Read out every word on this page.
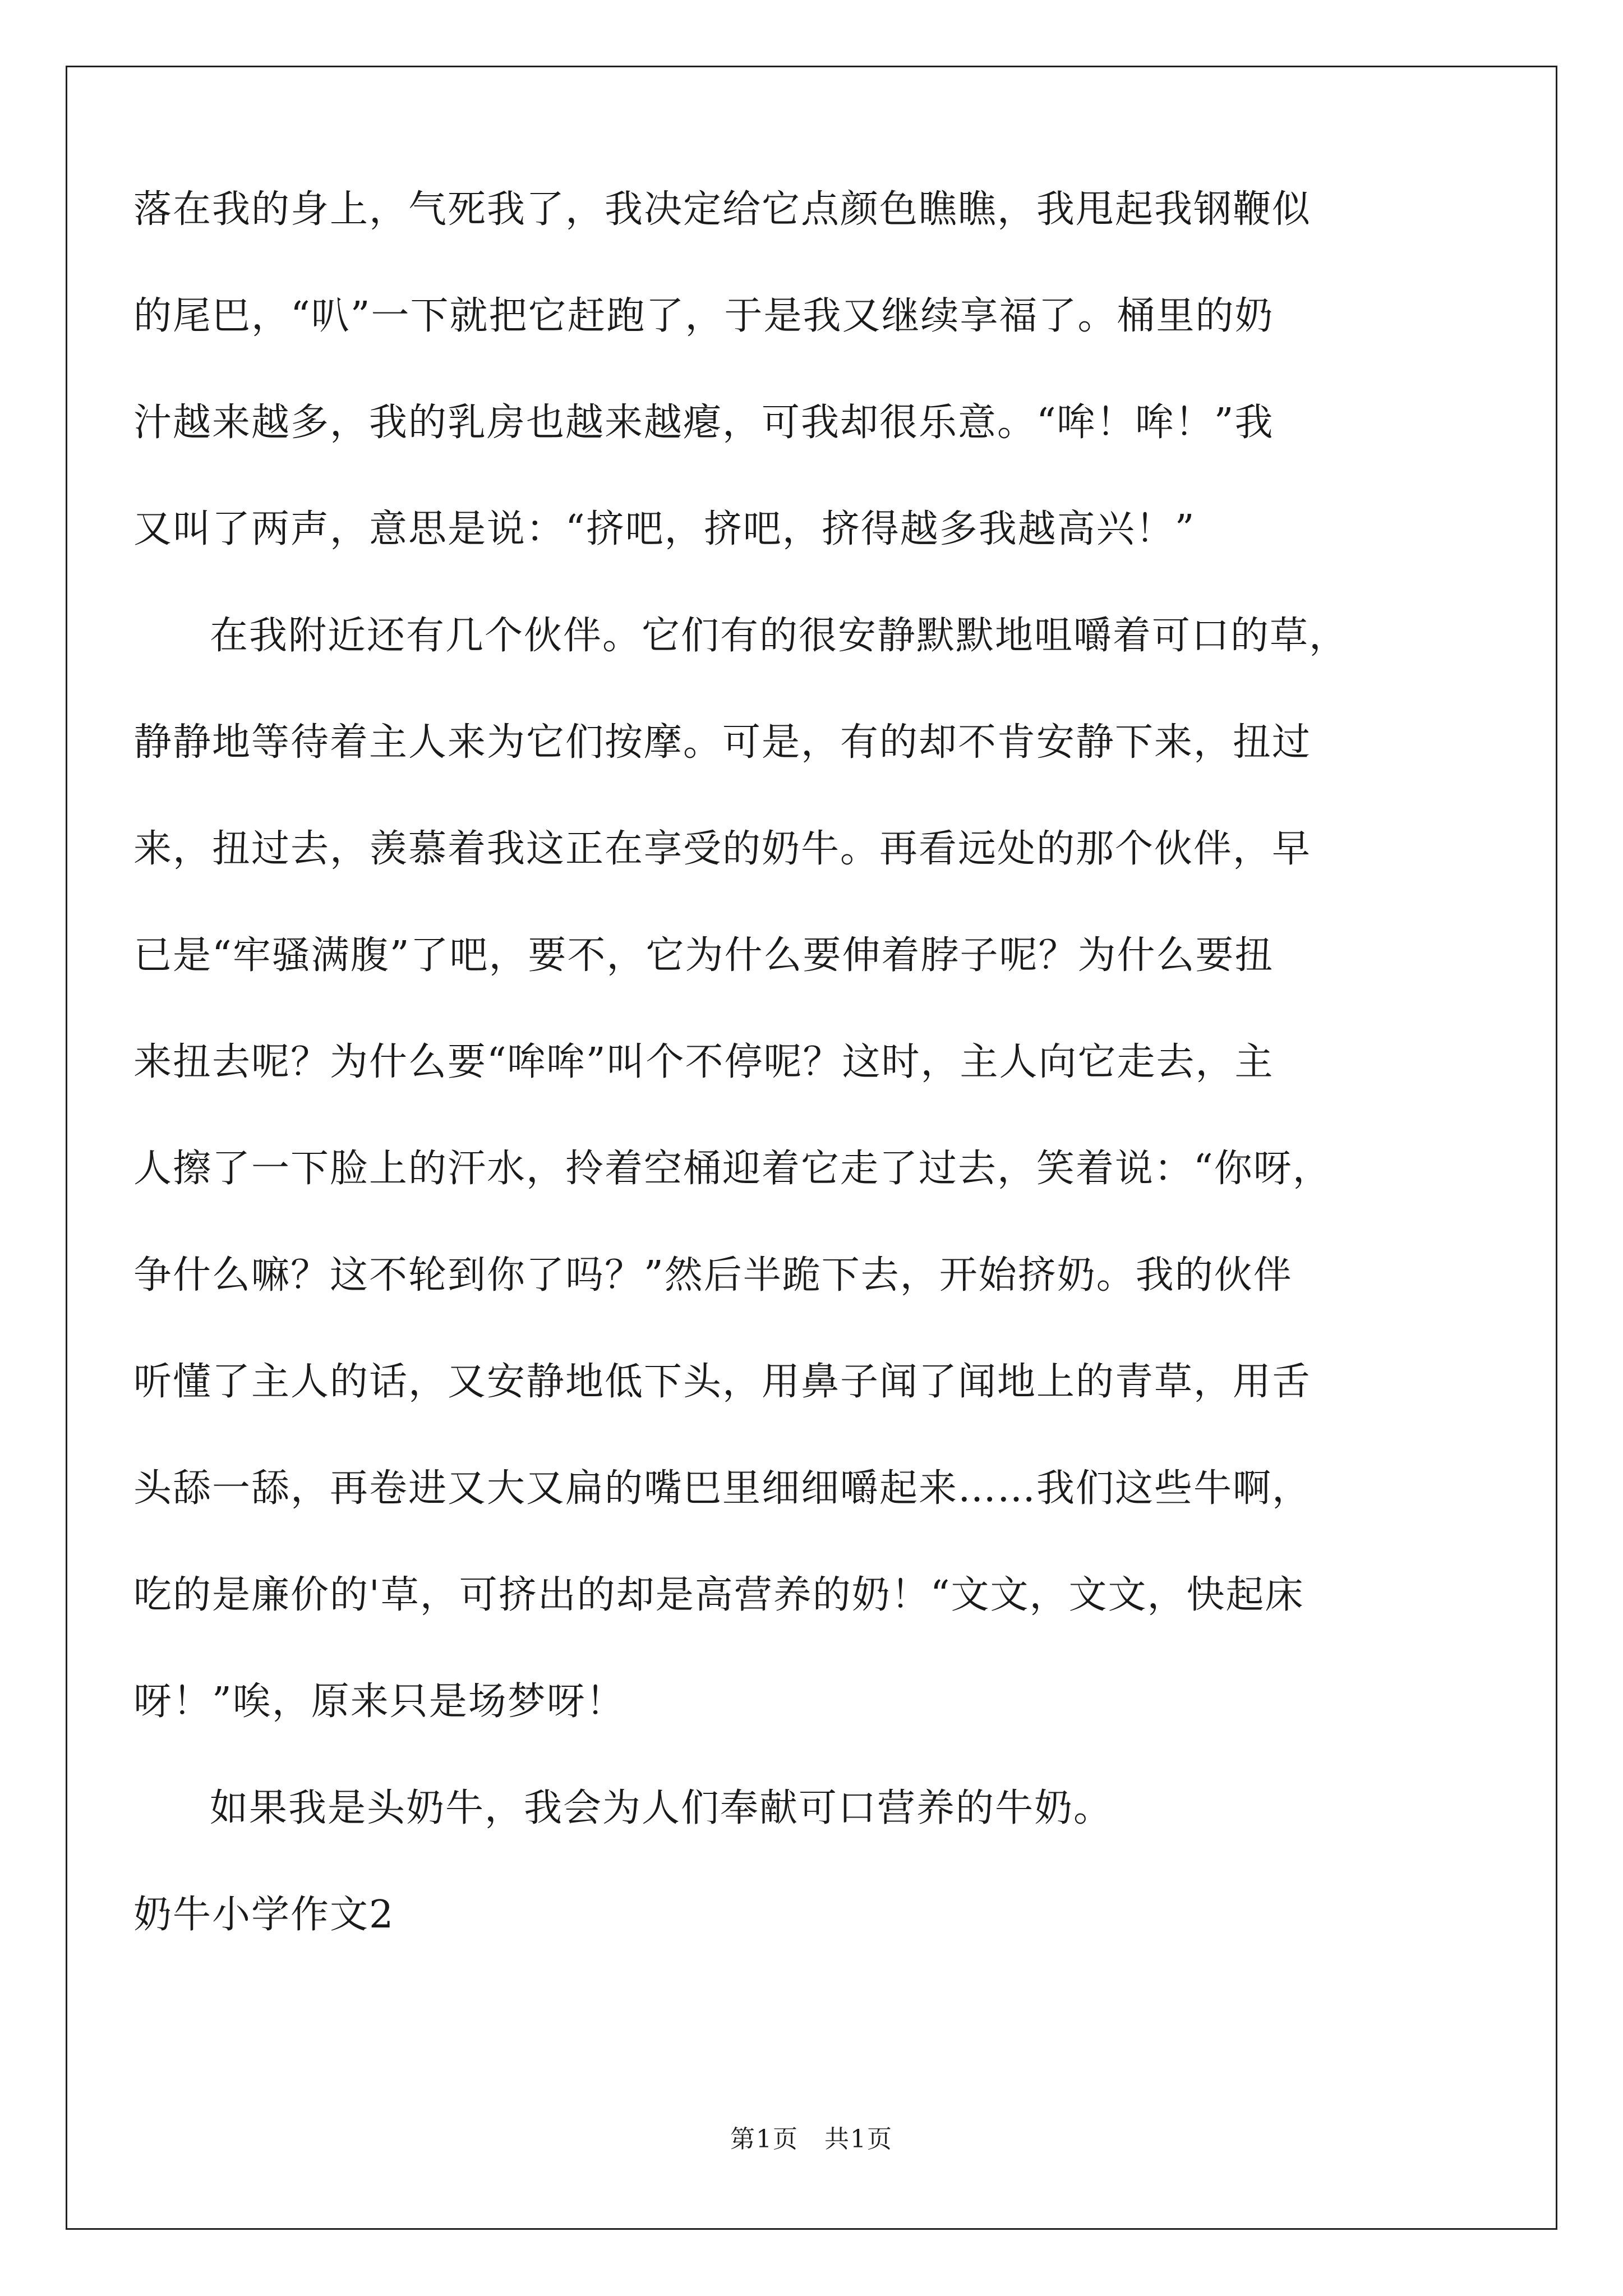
落在我的身上，气死我了，我决定给它点颜色瞧瞧，我甩起我钢鞭似
的尾巴，“叭”一下就把它赶跑了，于是我又继续享福了。桶里的奶
汁越来越多，我的乳房也越来越瘪，可我却很乐意。“哞！哞！”我
又叫了两声，意思是说：“挤吧，挤吧，挤得越多我越高兴！”
在我附近还有几个伙伴。它们有的很安静默默地咀嚼着可口的草，
静静地等待着主人来为它们按摩。可是，有的却不肯安静下来，扭过
来，扭过去，羡慕着我这正在享受的奶牛。再看远处的那个伙伴，早
已是“牢骚满腹”了吧，要不，它为什么要伸着脖子呢？为什么要扭
来扭去呢？为什么要“哞哞”叫个不停呢？这时，主人向它走去，主
人擦了一下脸上的汗水，拎着空桶迎着它走了过去，笑着说：“你呀，
争什么嘛？这不轮到你了吗？”然后半跪下去，开始挤奶。我的伙伴
听懂了主人的话，又安静地低下头，用鼻子闻了闻地上的青草，用舌
头舔一舔，再卷进又大又扁的嘴巴里细细嚼起来……我们这些牛啊，
吃的是廉价的'草，可挤出的却是高营养的奶！“文文，文文，快起床
呀！”唉，原来只是场梦呀！
如果我是头奶牛，我会为人们奉献可口营养的牛奶。
奶牛小学作文2
第1页　共1页
